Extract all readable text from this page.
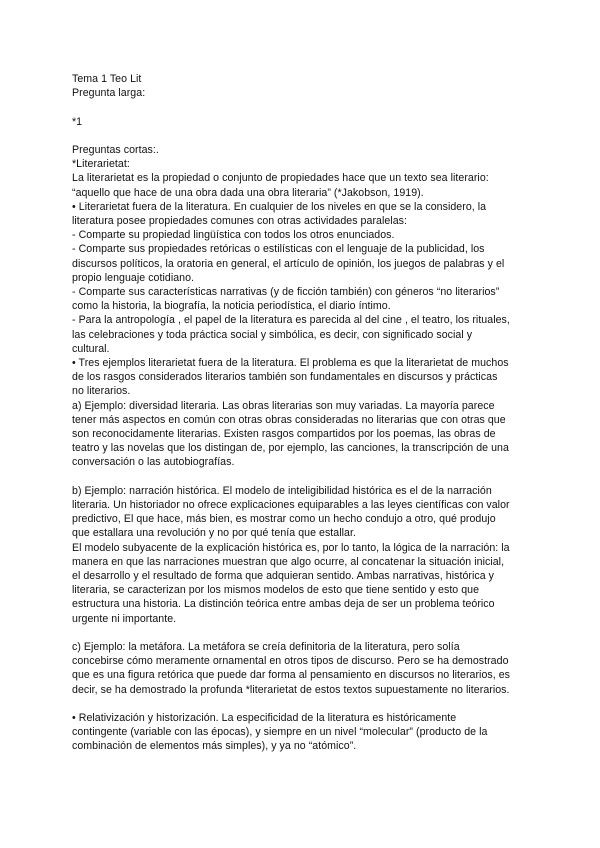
Tema 1 Teo Lit
Pregunta larga:
*1
Preguntas cortas:.
*Literarietat:
La literarietat es la propiedad o conjunto de propiedades hace que un texto sea literario:
“aquello que hace de una obra dada una obra literaria” (*Jakobson, 1919).
• Literarietat fuera de la literatura. En cualquier de los niveles en que se la considero, la
literatura posee propiedades comunes con otras actividades paralelas:
- Comparte su propiedad lingüística con todos los otros enunciados.
- Comparte sus propiedades retóricas o estilísticas con el lenguaje de la publicidad, los
discursos políticos, la oratoria en general, el artículo de opinión, los juegos de palabras y el
propio lenguaje cotidiano.
- Comparte sus características narrativas (y de ficción también) con géneros “no literarios”
como la historia, la biografía, la noticia periodística, el diario íntimo.
- Para la antropología , el papel de la literatura es parecida al del cine , el teatro, los rituales,
las celebraciones y toda práctica social y simbólica, es decir, con significado social y
cultural.
• Tres ejemplos literarietat fuera de la literatura. El problema es que la literarietat de muchos
de los rasgos considerados literarios también son fundamentales en discursos y prácticas
no literarios.
a) Ejemplo: diversidad literaria. Las obras literarias son muy variadas. La mayoría parece
tener más aspectos en común con otras obras consideradas no literarias que con otras que
son reconocidamente literarias. Existen rasgos compartidos por los poemas, las obras de
teatro y las novelas que los distingan de, por ejemplo, las canciones, la transcripción de una
conversación o las autobiografías.
b) Ejemplo: narración histórica. El modelo de inteligibilidad histórica es el de la narración
literaria. Un historiador no ofrece explicaciones equiparables a las leyes científicas con valor
predictivo, El que hace, más bien, es mostrar como un hecho condujo a otro, qué produjo
que estallara una revolución y no por qué tenía que estallar.
El modelo subyacente de la explicación histórica es, por lo tanto, la lógica de la narración: la
manera en que las narraciones muestran que algo ocurre, al concatenar la situación inicial,
el desarrollo y el resultado de forma que adquieran sentido. Ambas narrativas, histórica y
literaria, se caracterizan por los mismos modelos de esto que tiene sentido y esto que
estructura una historia. La distinción teórica entre ambas deja de ser un problema teórico
urgente ni importante.
c) Ejemplo: la metáfora. La metáfora se creía definitoria de la literatura, pero solía
concebirse cómo meramente ornamental en otros tipos de discurso. Pero se ha demostrado
que es una figura retórica que puede dar forma al pensamiento en discursos no literarios, es
decir, se ha demostrado la profunda *literarietat de estos textos supuestamente no literarios.
• Relativización y historización. La especificidad de la literatura es históricamente
contingente (variable con las épocas), y siempre en un nivel “molecular” (producto de la
combinación de elementos más simples), y ya no “atómico”.
